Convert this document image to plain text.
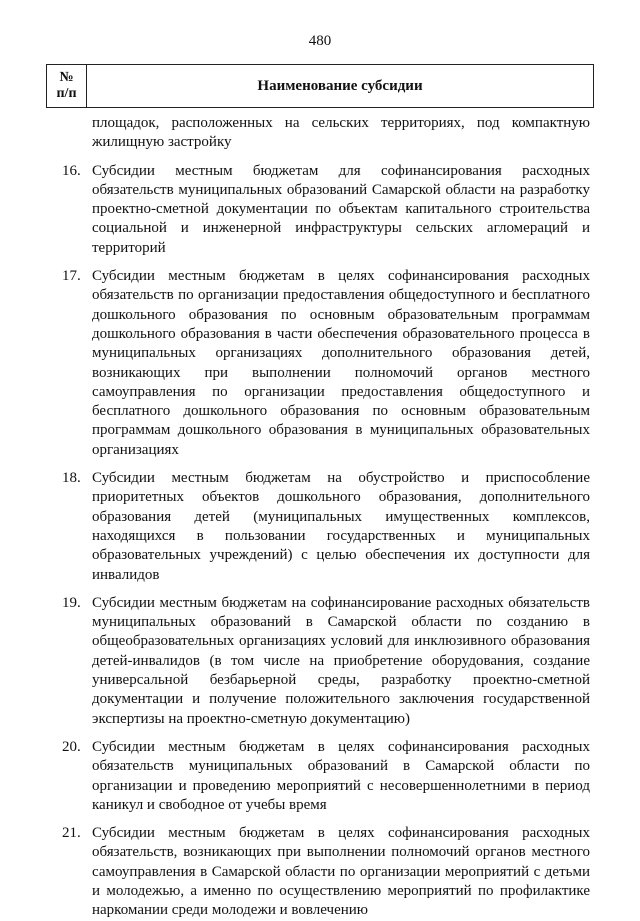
480
№
п/п	Наименование субсидии
площадок, расположенных на сельских территориях, под компактную жилищную застройку
16. Субсидии местным бюджетам для софинансирования расходных обязательств муниципальных образований Самарской области на разработку проектно-сметной документации по объектам капитального строительства социальной и инженерной инфраструктуры сельских агломераций и территорий
17. Субсидии местным бюджетам в целях софинансирования расходных обязательств по организации предоставления общедоступного и бесплатного дошкольного образования по основным образовательным программам дошкольного образования в части обеспечения образовательного процесса в муниципальных организациях дополнительного образования детей, возникающих при выполнении полномочий органов местного самоуправления по организации предоставления общедоступного и бесплатного дошкольного образования по основным образовательным программам дошкольного образования в муниципальных образовательных организациях
18. Субсидии местным бюджетам на обустройство и приспособление приоритетных объектов дошкольного образования, дополнительного образования детей (муниципальных имущественных комплексов, находящихся в пользовании государственных и муниципальных образовательных учреждений) с целью обеспечения их доступности для инвалидов
19. Субсидии местным бюджетам на софинансирование расходных обязательств муниципальных образований в Самарской области по созданию в общеобразовательных организациях условий для инклюзивного образования детей-инвалидов (в том числе на приобретение оборудования, создание универсальной безбарьерной среды, разработку проектно-сметной документации и получение положительного заключения государственной экспертизы на проектно-сметную документацию)
20. Субсидии местным бюджетам в целях софинансирования расходных обязательств муниципальных образований в Самарской области по организации и проведению мероприятий с несовершеннолетними в период каникул и свободное от учебы время
21. Субсидии местным бюджетам в целях софинансирования расходных обязательств, возникающих при выполнении полномочий органов местного самоуправления в Самарской области по организации мероприятий с детьми и молодежью, а именно по осуществлению мероприятий по профилактике наркомании среди молодежи и вовлечению
